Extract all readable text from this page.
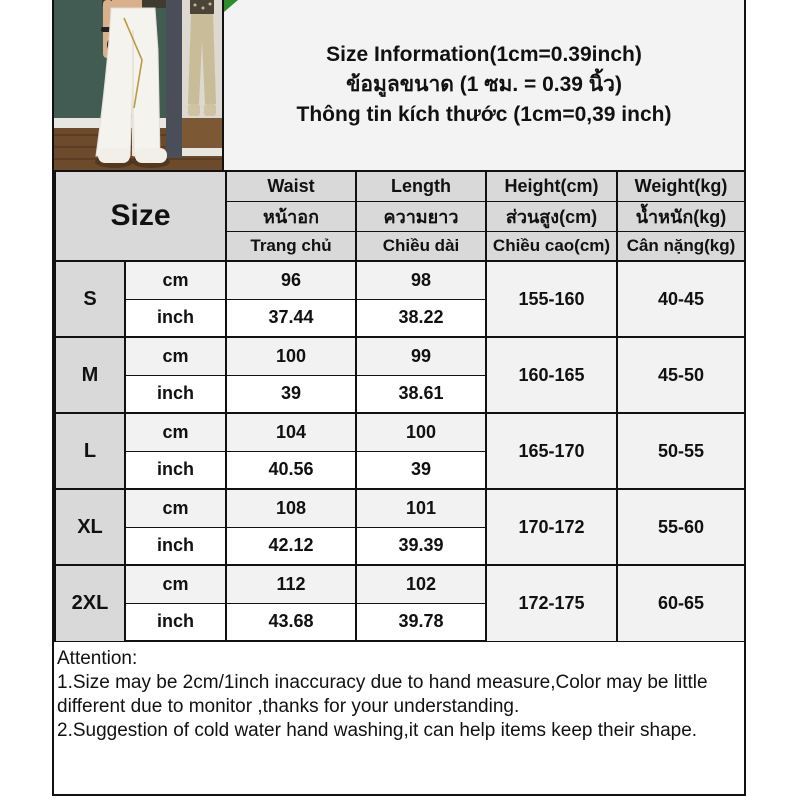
Size Information(1cm=0.39inch)
ข้อมูลขนาด (1 ซม. = 0.39 นิ้ว)
Thông tin kích thước (1cm=0,39 inch)
Size		Waist	Length	Height(cm)	Weight(kg)
		หน้าอก	ความยาว	ส่วนสูง(cm)	น้ำหนัก(kg)
		Trang chủ	Chiều dài	Chiều cao(cm)	Cân nặng(kg)
S	cm	96	98	155-160	40-45
	inch	37.44	38.22		
M	cm	100	99	160-165	45-50
	inch	39	38.61		
L	cm	104	100	165-170	50-55
	inch	40.56	39		
XL	cm	108	101	170-172	55-60
	inch	42.12	39.39		
2XL	cm	112	102	172-175	60-65
	inch	43.68	39.78		

Attention:

1.Size may be 2cm/1inch inaccuracy due to hand measure,Color may be little different due to monitor ,thanks for your understanding.

2.Suggestion of cold water hand washing,it can help items keep their shape.
